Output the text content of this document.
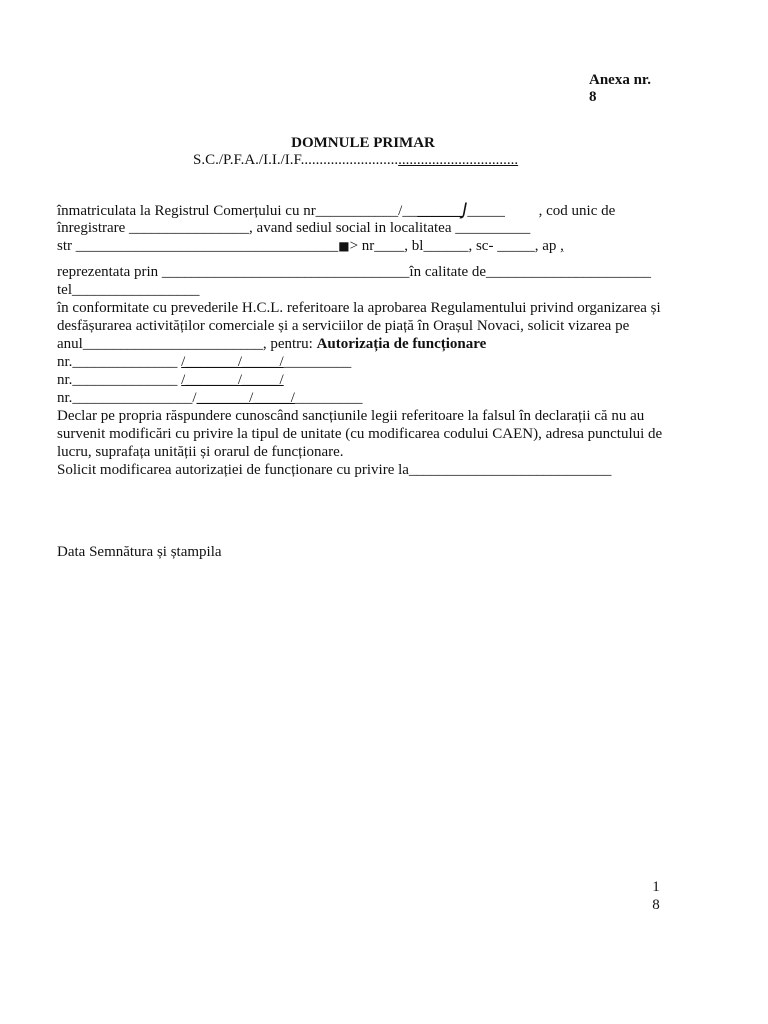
Anexa nr.
8
DOMNULE PRIMAR
S.C./P.F.A./I.I./I.F..........................................................
înmatriculata la Registrul Comerțului cu nr___________/________J_____         , cod unic de
înregistrare ________________, avand sediul social in localitatea __________
str ___________________________________■> nr____, bl______, sc- _____, ap ,
reprezentata prin _________________________________în calitate de______________________
tel_________________
în conformitate cu prevederile H.C.L. referitoare la aprobarea Regulamentului privind organizarea și desfășurarea activităților comerciale și a serviciilor de piață în Orașul Novaci, solicit vizarea pe anul________________________, pentru: Autorizația de funcționare
nr.______________ /_______/_____/_________
nr.______________ /_______/_____/
nr.________________/_______/_____/_________
Declar pe propria răspundere cunoscând sancțiunile legii referitoare la falsul în declarații că nu au survenit modificări cu privire la tipul de unitate (cu modificarea codului CAEN), adresa punctului de lucru, suprafața unității și orarul de funcționare.
Solicit modificarea autorizației de funcționare cu privire la___________________________
Data Semnătura și ștampila
1
8
